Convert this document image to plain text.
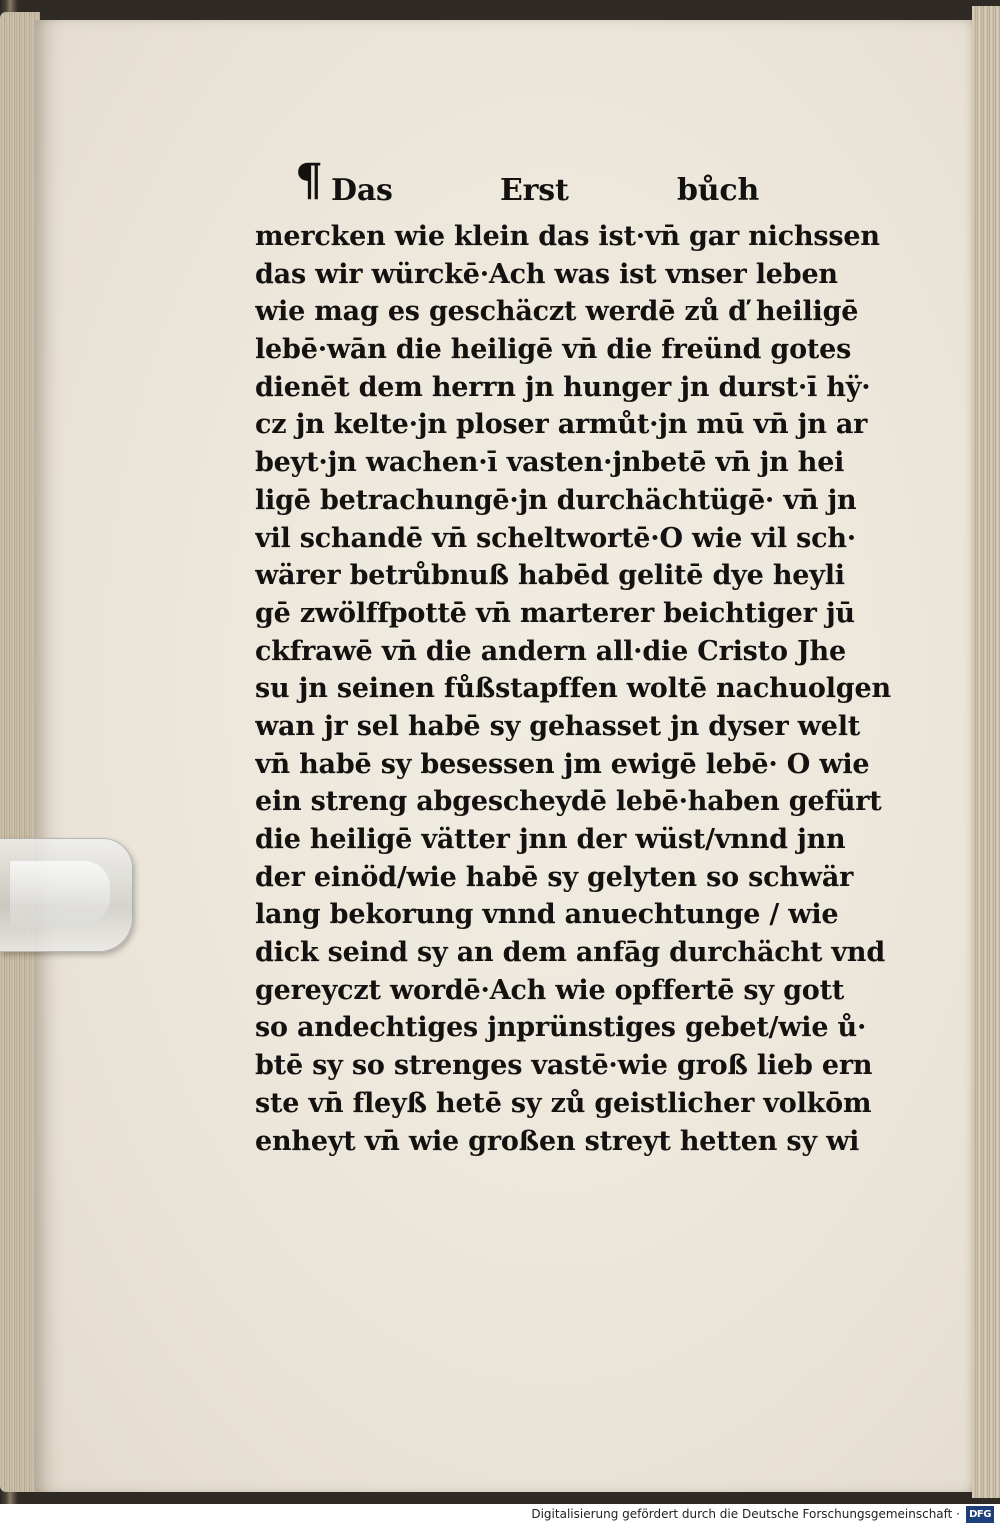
¶ Das	Erst	bůch
mercken wie klein das ist·vn̄ gar nichssen
das wir würckē·Ach was ist vnser leben
wie mag es geschäczt werdē zů ď heiligē
lebē·wān die heiligē vn̄ die freünd gotes
dienēt dem herrn jn hunger jn durst·ī hÿ·
cz jn kelte·jn ploser armůt·jn mū vn̄ jn ar
beyt·jn wachen·ī vasten·jnbetē vn̄ jn hei
ligē betrachungē·jn durchächtügē· vn̄ jn
vil schandē vn̄ scheltwortē·O wie vil sch·
wärer betrůbnuß habēd gelitē dye heyli
gē zwölffpottē vn̄ marterer beichtiger jū
ckfrawē vn̄ die andern all·die Cristo Jhe
su jn seinen fůßstapffen woltē nachuolgen
wan jr sel habē sy gehasset jn dyser welt
vn̄ habē sy besessen jm ewigē lebē· O wie
ein streng abgescheydē lebē·haben gefürt
die heiligē vätter jnn der wüst/vnnd jnn
der einöd/wie habē sy gelyten so schwär
lang bekorung vnnd anuechtunge / wie
dick seind sy an dem anfāg durchächt vnd
gereyczt wordē·Ach wie opffertē sy gott
so andechtiges jnprünstiges gebet/wie ů·
btē sy so strenges vastē·wie groß lieb ern
ste vn̄ fleyß hetē sy zů geistlicher volkōm
enheyt vn̄ wie großen streyt hetten sy wi
Digitalisierung gefördert durch die Deutsche Forschungsgemeinschaft · DFG
